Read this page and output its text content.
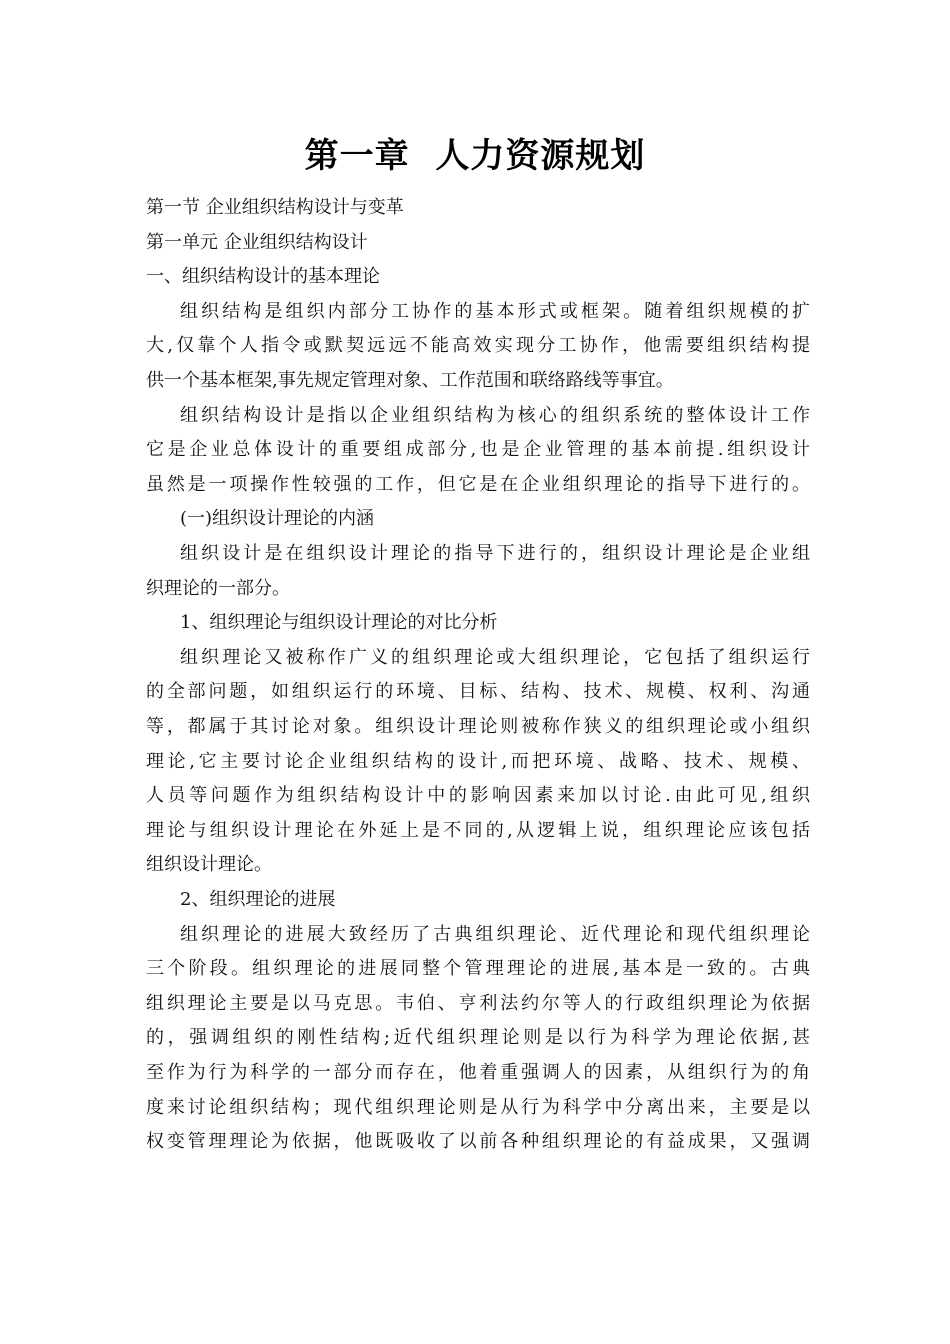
第一章  人力资源规划
第一节 企业组织结构设计与变革
第一单元 企业组织结构设计
一、组织结构设计的基本理论
组织结构是组织内部分工协作的基本形式或框架。随着组织规模的扩
大,仅靠个人指令或默契远远不能高效实现分工协作，他需要组织结构提
供一个基本框架,事先规定管理对象、工作范围和联络路线等事宜。
组织结构设计是指以企业组织结构为核心的组织系统的整体设计工作
它是企业总体设计的重要组成部分,也是企业管理的基本前提.组织设计
虽然是一项操作性较强的工作，但它是在企业组织理论的指导下进行的。
(一)组织设计理论的内涵
组织设计是在组织设计理论的指导下进行的，组织设计理论是企业组
织理论的一部分。
1、组织理论与组织设计理论的对比分析
组织理论又被称作广义的组织理论或大组织理论，它包括了组织运行
的全部问题，如组织运行的环境、目标、结构、技术、规模、权利、沟通
等，都属于其讨论对象。组织设计理论则被称作狭义的组织理论或小组织
理论,它主要讨论企业组织结构的设计,而把环境、战略、技术、规模、
人员等问题作为组织结构设计中的影响因素来加以讨论.由此可见,组织
理论与组织设计理论在外延上是不同的,从逻辑上说，组织理论应该包括
组织设计理论。
2、组织理论的进展
组织理论的进展大致经历了古典组织理论、近代理论和现代组织理论
三个阶段。组织理论的进展同整个管理理论的进展,基本是一致的。古典
组织理论主要是以马克思。韦伯、亨利法约尔等人的行政组织理论为依据
的，强调组织的刚性结构;近代组织理论则是以行为科学为理论依据,甚
至作为行为科学的一部分而存在，他着重强调人的因素，从组织行为的角
度来讨论组织结构；现代组织理论则是从行为科学中分离出来，主要是以
权变管理理论为依据，他既吸收了以前各种组织理论的有益成果，又强调
